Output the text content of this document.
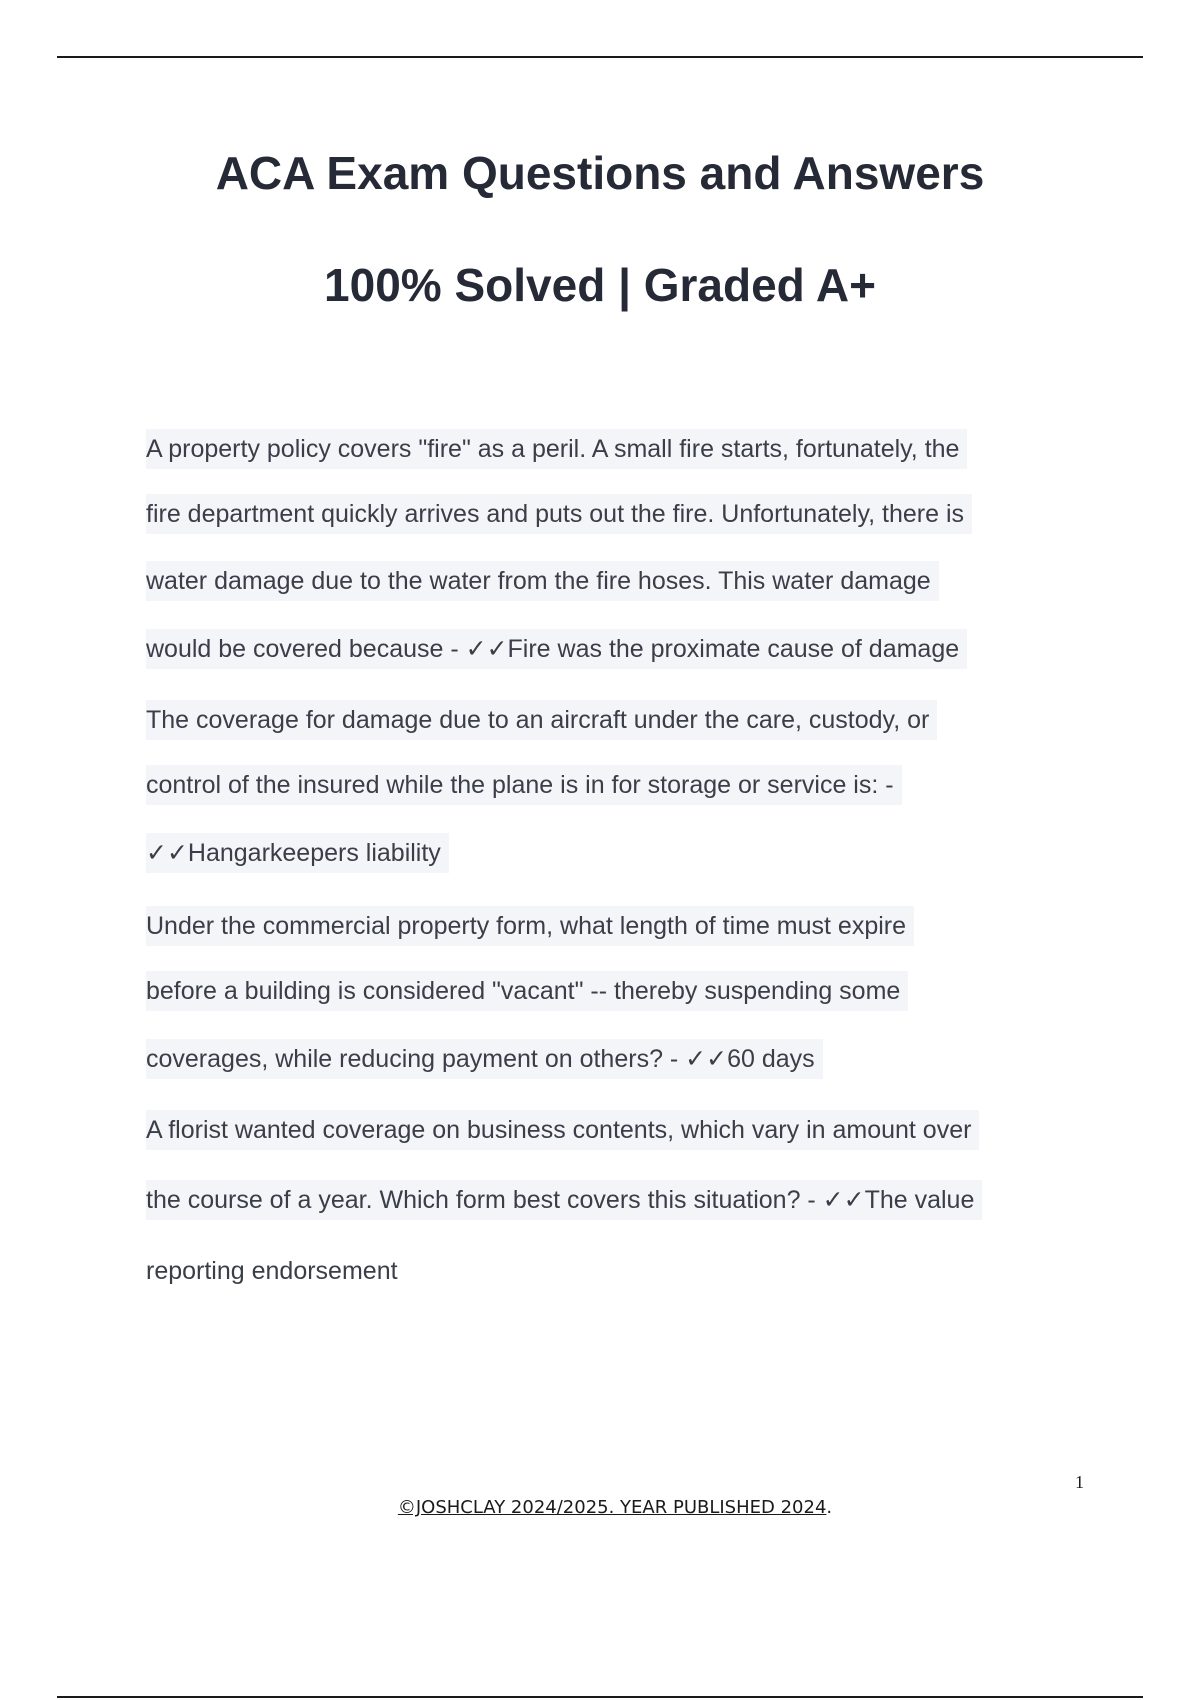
ACA Exam Questions and Answers
100% Solved | Graded A+
A property policy covers "fire" as a peril. A small fire starts, fortunately, the
fire department quickly arrives and puts out the fire. Unfortunately, there is
water damage due to the water from the fire hoses. This water damage
would be covered because - ✓✓Fire was the proximate cause of damage
The coverage for damage due to an aircraft under the care, custody, or
control of the insured while the plane is in for storage or service is: -
✓✓Hangarkeepers liability
Under the commercial property form, what length of time must expire
before a building is considered "vacant" -- thereby suspending some
coverages, while reducing payment on others? - ✓✓60 days
A florist wanted coverage on business contents, which vary in amount over
the course of a year. Which form best covers this situation? - ✓✓The value
reporting endorsement
1
©JOSHCLAY 2024/2025. YEAR PUBLISHED 2024.
